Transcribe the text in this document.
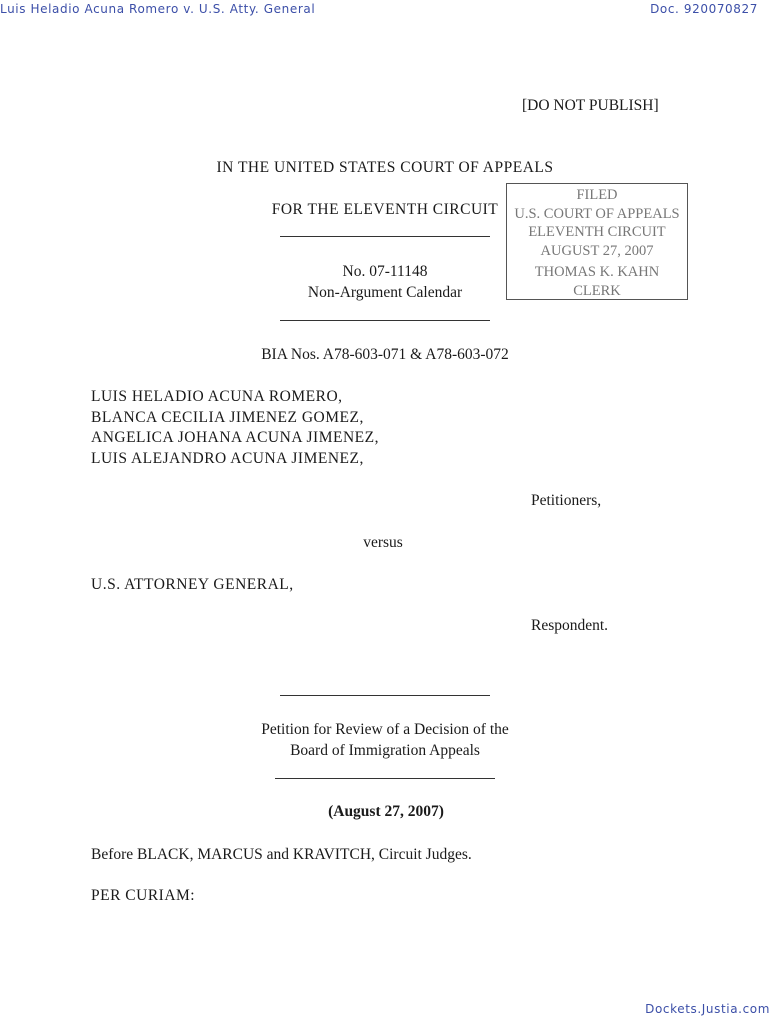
Luis Heladio Acuna Romero v. U.S. Atty. General	Doc. 920070827
[DO NOT PUBLISH]
IN THE UNITED STATES COURT OF APPEALS
FOR THE ELEVENTH CIRCUIT
FILED
U.S. COURT OF APPEALS
ELEVENTH CIRCUIT
AUGUST 27, 2007
THOMAS K. KAHN
CLERK
No. 07-11148
Non-Argument Calendar
BIA Nos. A78-603-071 & A78-603-072
LUIS HELADIO ACUNA ROMERO,
BLANCA CECILIA JIMENEZ GOMEZ,
ANGELICA JOHANA ACUNA JIMENEZ,
LUIS ALEJANDRO ACUNA JIMENEZ,
Petitioners,
versus
U.S. ATTORNEY GENERAL,
Respondent.
Petition for Review of a Decision of the
Board of Immigration Appeals
(August 27, 2007)
Before BLACK, MARCUS and KRAVITCH, Circuit Judges.
PER CURIAM:
Dockets.Justia.com
